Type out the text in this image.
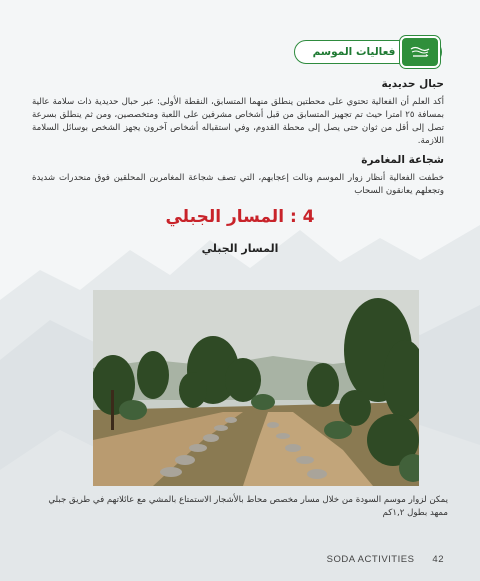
فعاليات الموسم
حبال حديدية

أكد العلم أن الفعالية تحتوي على محطتين ينطلق منهما المتسابق، النقطة الأولى: عبر حبال حديدية ذات سلامة عالية بمسافة ٢٥ امترا حيث تم تجهيز المتسابق من قبل أشخاص مشرفين على اللعبة ومتخصصين، ومن ثم ينطلق بسرعة تصل إلى أقل من ثوان حتى يصل إلى محطة القدوم، وفي استقباله أشخاص آخرون يجهز الشخص بوسائل السلامة اللازمة.

شجاعة المغامرة

خطفت الفعالية أنظار زوار الموسم ونالت إعجابهم، التي تصف شجاعة المغامرين المحلقين فوق منحدرات شديدة وتجعلهم يعانقون السحاب

4 : المسار الجبلي
المسار الجبلي

يمكن لزوار موسم السودة من خلال مسار مخصص محاط بالأشجار الاستمتاع بالمشي مع عائلاتهم في طريق جبلي ممهد بطول ١,٢كم

SODA ACTIVITIES 42
